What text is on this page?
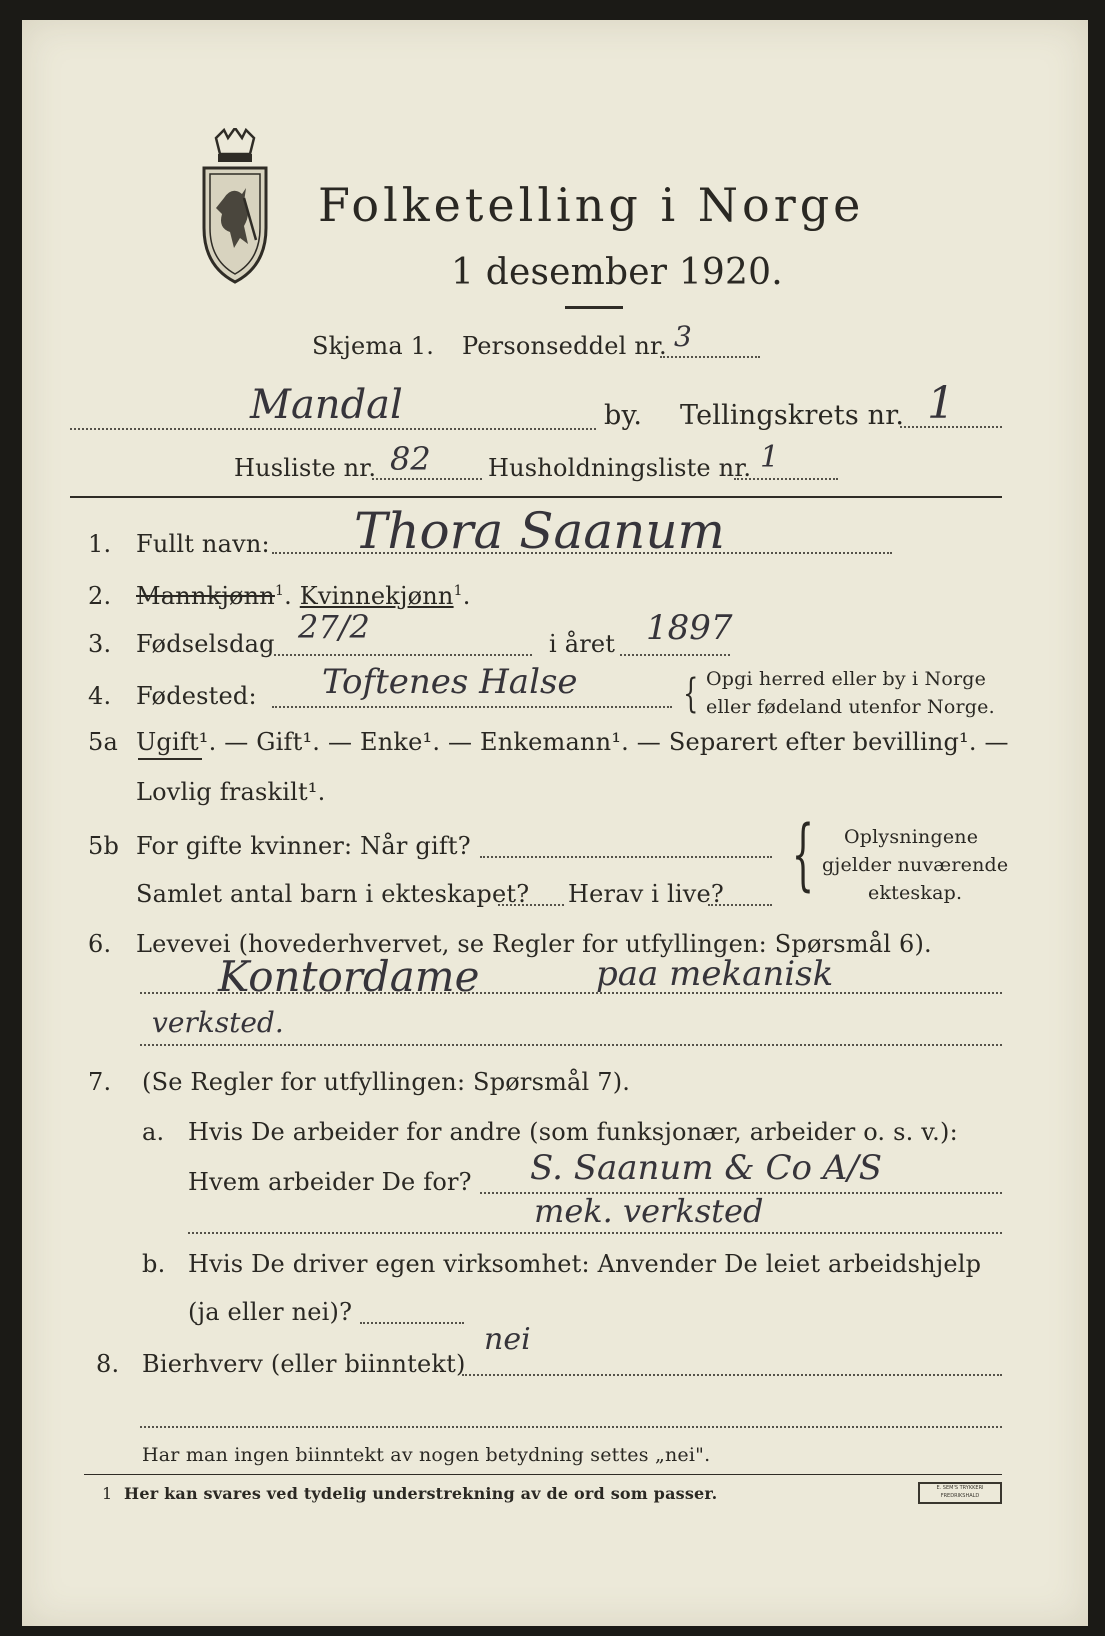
Folketelling i Norge
1 desember 1920.
Skjema 1. Personseddel nr. 3
Mandal	by. Tellingskrets nr. 1
Husliste nr. 82 Husholdningsliste nr. 1
1. Fullt navn: Thora Saanum
2. Mannkjønn$^1$. Kvinnekjønn$^1$.
3. Fødselsdag 27/2	i året 1897
4. Fødested: Toftenes Halse	{ Opgi herred eller by i Norge
eller fødeland utenfor Norge.
5a Ugift¹. — Gift¹. — Enke¹. — Enkemann¹. — Separert efter bevilling¹. —
Lovlig fraskilt¹.
5b For gifte kvinner: Når gift?
Samlet antal barn i ekteskapet? Herav i live? { Oplysningene
gjelder nuværende
ekteskap.
6. Levevei (hovederhvervet, se Regler for utfyllingen: Spørsmål 6).
Kontordame	paa mekanisk
verksted.
7. (Se Regler for utfyllingen: Spørsmål 7).
a. Hvis De arbeider for andre (som funksjonær, arbeider o. s. v.):
Hvem arbeider De for? S. Saanum & Co A/S
mek. verksted
b. Hvis De driver egen virksomhet: Anvender De leiet arbeidshjelp
(ja eller nei)?
8. Bierhverv (eller biinntekt)
nei
Har man ingen biinntekt av nogen betydning settes „nei".
1 Her kan svares ved tydelig understrekning av de ord som passer.	E. SEM'S TRYKKERI FREDRIKSHALD
